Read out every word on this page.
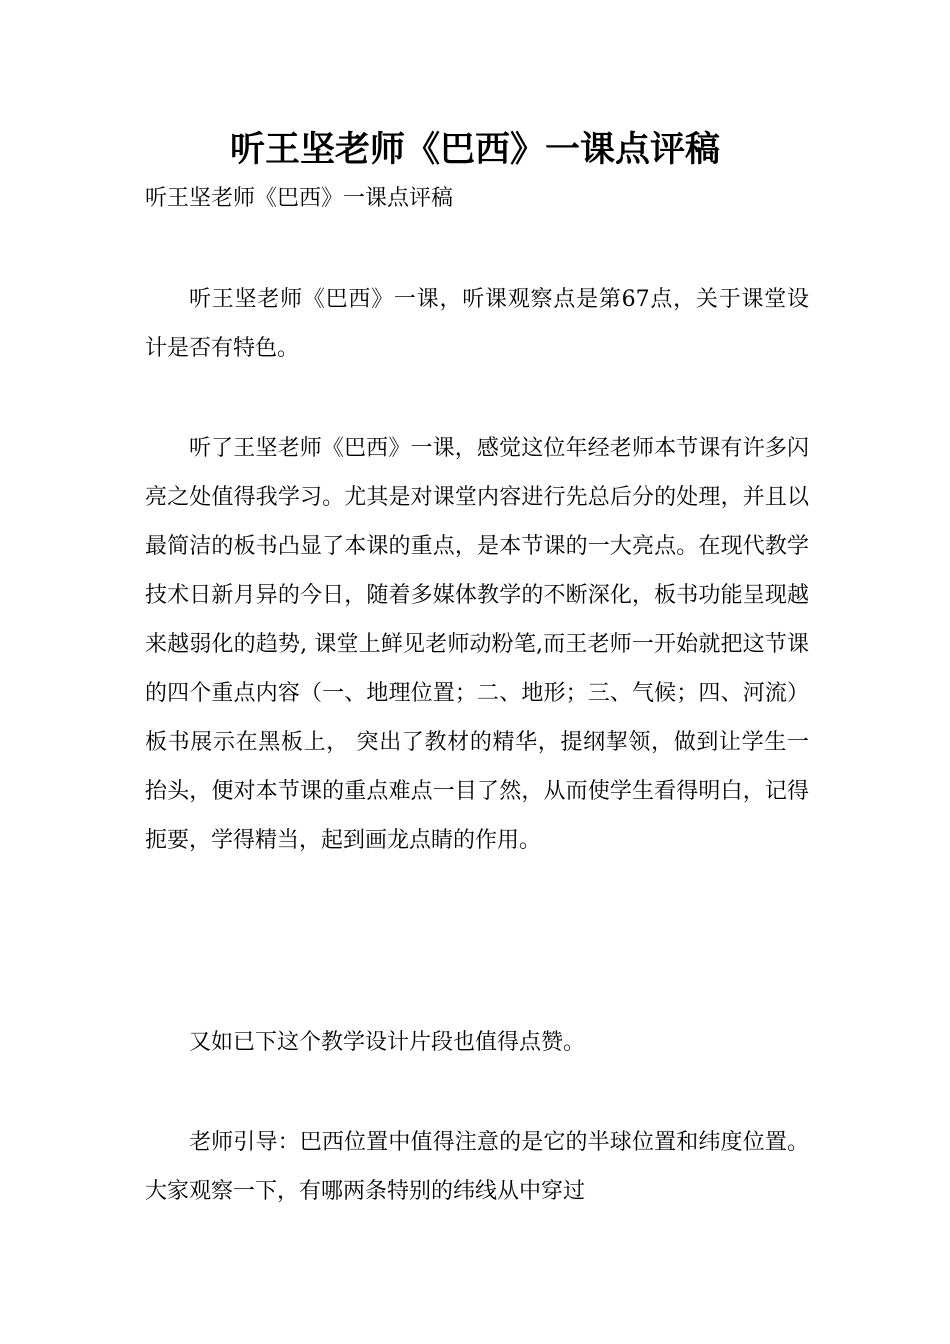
听王坚老师《巴西》一课点评稿
听王坚老师《巴西》一课点评稿

听王坚老师《巴西》一课，听课观察点是第67点，关于课堂设计是否有特色。

听了王坚老师《巴西》一课，感觉这位年经老师本节课有许多闪亮之处值得我学习。尤其是对课堂内容进行先总后分的处理，并且以最简洁的板书凸显了本课的重点，是本节课的一大亮点。在现代教学技术日新月异的今日，随着多媒体教学的不断深化，板书功能呈现越来越弱化的趋势, 课堂上鲜见老师动粉笔,而王老师一开始就把这节课的四个重点内容（一、地理位置；二、地形；三、气候；四、河流）板书展示在黑板上， 突出了教材的精华，提纲挈领，做到让学生一抬头，便对本节课的重点难点一目了然，从而使学生看得明白，记得扼要，学得精当，起到画龙点睛的作用。

又如已下这个教学设计片段也值得点赞。

老师引导：巴西位置中值得注意的是它的半球位置和纬度位置。大家观察一下，有哪两条特别的纬线从中穿过
